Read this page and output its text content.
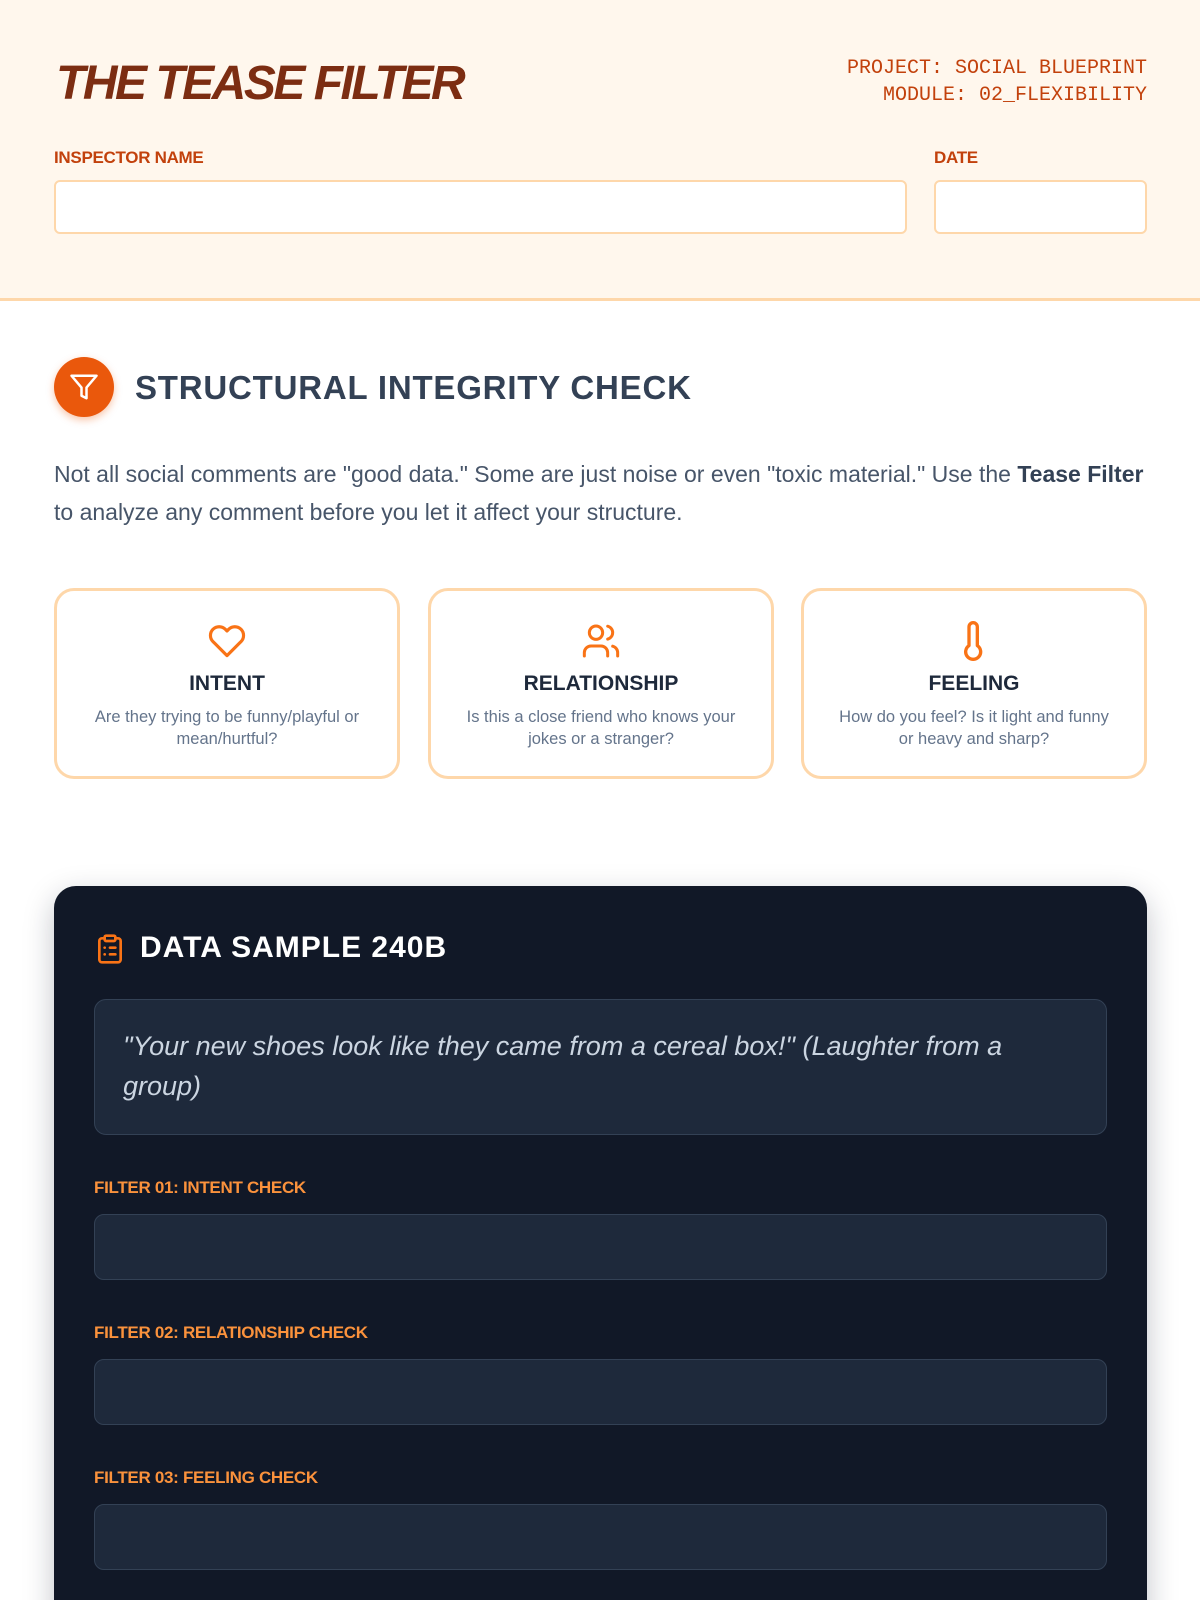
THE TEASE FILTER	PROJECT: SOCIAL BLUEPRINT
MODULE: 02_FLEXIBILITY
INSPECTOR NAME	DATE
STRUCTURAL INTEGRITY CHECK

Not all social comments are "good data." Some are just noise or even "toxic material." Use the Tease Filter to analyze any comment before you let it affect your structure.

INTENT
Are they trying to be funny/playful or mean/hurtful?
RELATIONSHIP
Is this a close friend who knows your jokes or a stranger?
FEELING
How do you feel? Is it light and funny or heavy and sharp?
DATA SAMPLE 240B

"Your new shoes look like they came from a cereal box!" (Laughter from a group)

FILTER 01: INTENT CHECK
FILTER 02: RELATIONSHIP CHECK
FILTER 03: FEELING CHECK
